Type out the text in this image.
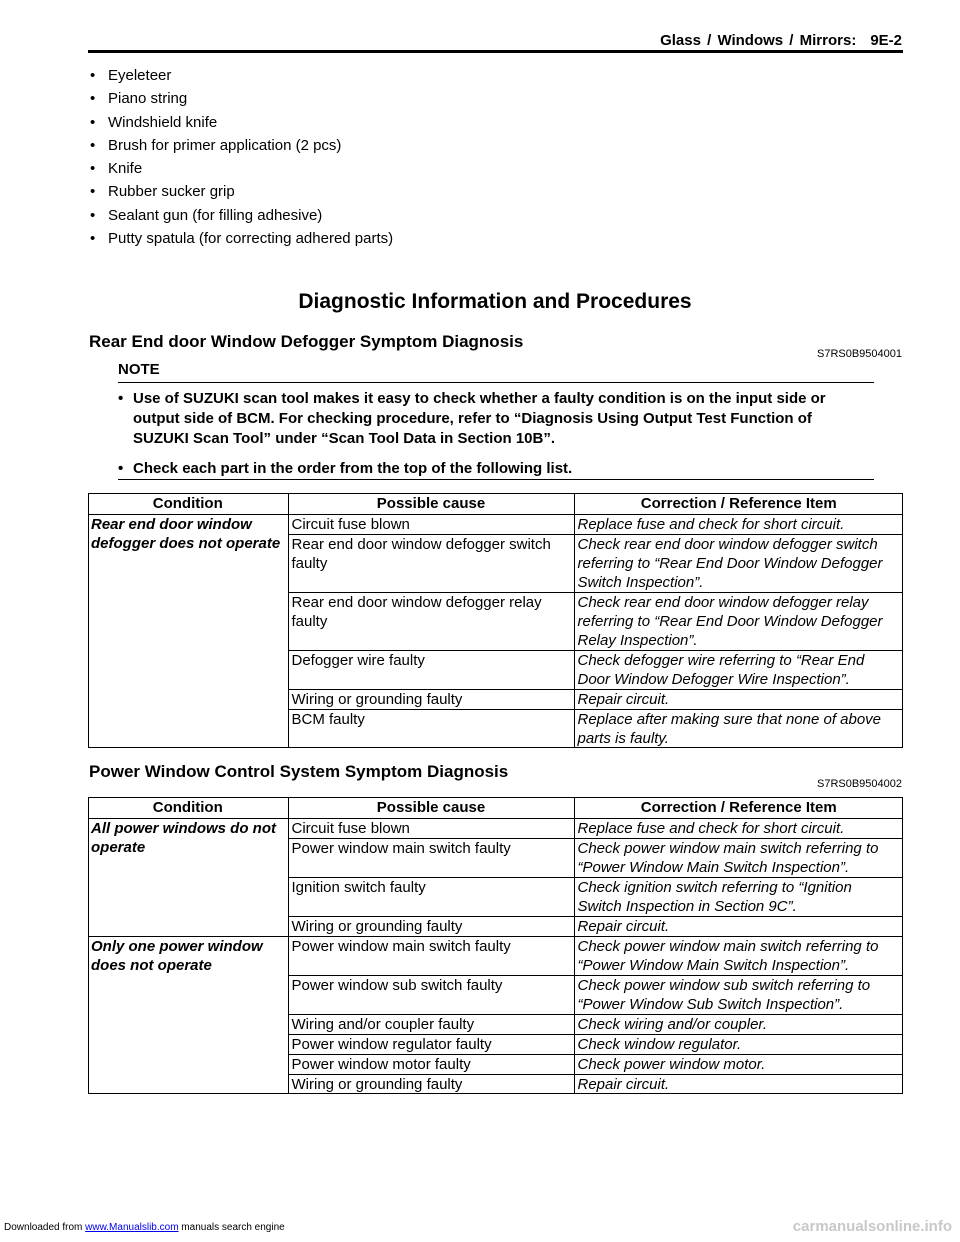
Glass / Windows / Mirrors: 9E-2
• Eyeleteer
• Piano string
• Windshield knife
• Brush for primer application (2 pcs)
• Knife
• Rubber sucker grip
• Sealant gun (for filling adhesive)
• Putty spatula (for correcting adhered parts)
Diagnostic Information and Procedures
Rear End door Window Defogger Symptom Diagnosis
S7RS0B9504001
NOTE
• Use of SUZUKI scan tool makes it easy to check whether a faulty condition is on the input side or output side of BCM. For checking procedure, refer to “Diagnosis Using Output Test Function of SUZUKI Scan Tool” under “Scan Tool Data in Section 10B”.
• Check each part in the order from the top of the following list.
Condition	Possible cause	Correction / Reference Item
Rear end door window defogger does not operate	Circuit fuse blown	Replace fuse and check for short circuit.
	Rear end door window defogger switch faulty	Check rear end door window defogger switch referring to “Rear End Door Window Defogger Switch Inspection”.
	Rear end door window defogger relay faulty	Check rear end door window defogger relay referring to “Rear End Door Window Defogger Relay Inspection”.
	Defogger wire faulty	Check defogger wire referring to “Rear End Door Window Defogger Wire Inspection”.
	Wiring or grounding faulty	Repair circuit.
	BCM faulty	Replace after making sure that none of above parts is faulty.
Power Window Control System Symptom Diagnosis
S7RS0B9504002
Condition	Possible cause	Correction / Reference Item
All power windows do not operate	Circuit fuse blown	Replace fuse and check for short circuit.
	Power window main switch faulty	Check power window main switch referring to “Power Window Main Switch Inspection”.
	Ignition switch faulty	Check ignition switch referring to “Ignition Switch Inspection in Section 9C”.
	Wiring or grounding faulty	Repair circuit.
Only one power window does not operate	Power window main switch faulty	Check power window main switch referring to “Power Window Main Switch Inspection”.
	Power window sub switch faulty	Check power window sub switch referring to “Power Window Sub Switch Inspection”.
	Wiring and/or coupler faulty	Check wiring and/or coupler.
	Power window regulator faulty	Check window regulator.
	Power window motor faulty	Check power window motor.
	Wiring or grounding faulty	Repair circuit.
Downloaded from www.Manualslib.com manuals search engine	carmanualsonline.info
